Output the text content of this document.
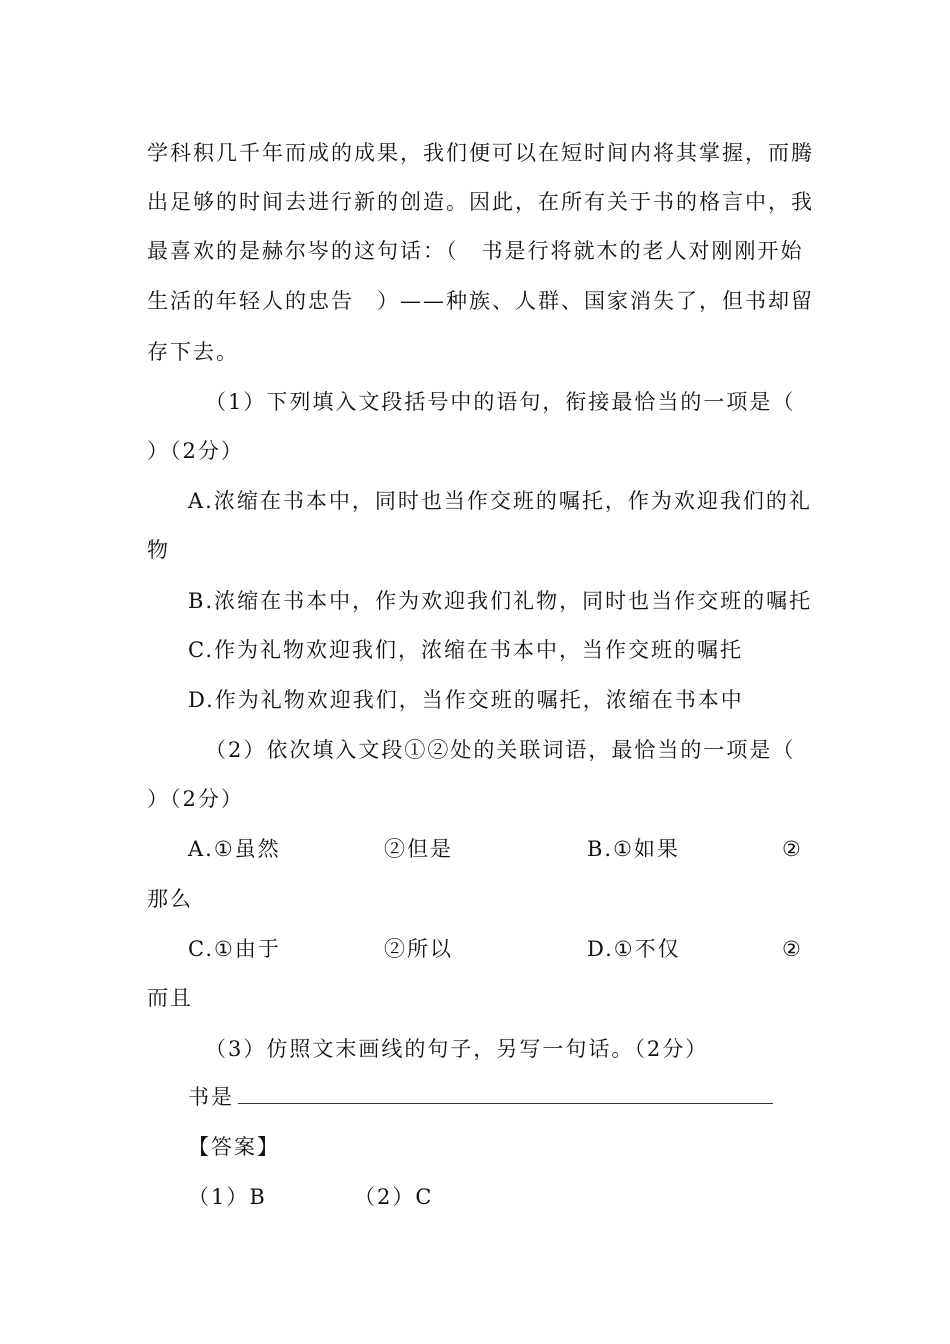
学科积几千年而成的成果，我们便可以在短时间内将其掌握，而腾
出足够的时间去进行新的创造。因此，在所有关于书的格言中，我
最喜欢的是赫尔岑的这句话：（　书是行将就木的老人对刚刚开始
生活的年轻人的忠告　）——种族、人群、国家消失了，但书却留
存下去。
（1）下列填入文段括号中的语句，衔接最恰当的一项是（
）（2分）
A.浓缩在书本中，同时也当作交班的嘱托，作为欢迎我们的礼
物
B.浓缩在书本中，作为欢迎我们礼物，同时也当作交班的嘱托
C.作为礼物欢迎我们，浓缩在书本中，当作交班的嘱托
D.作为礼物欢迎我们，当作交班的嘱托，浓缩在书本中
（2）依次填入文段①②处的关联词语，最恰当的一项是（
）（2分）
A.①虽然	②但是	B.①如果	②
那么
C.①由于	②所以	D.①不仅	②
而且
（3）仿照文末画线的句子，另写一句话。（2分）
书是
【答案】
（1）B	（2）C
